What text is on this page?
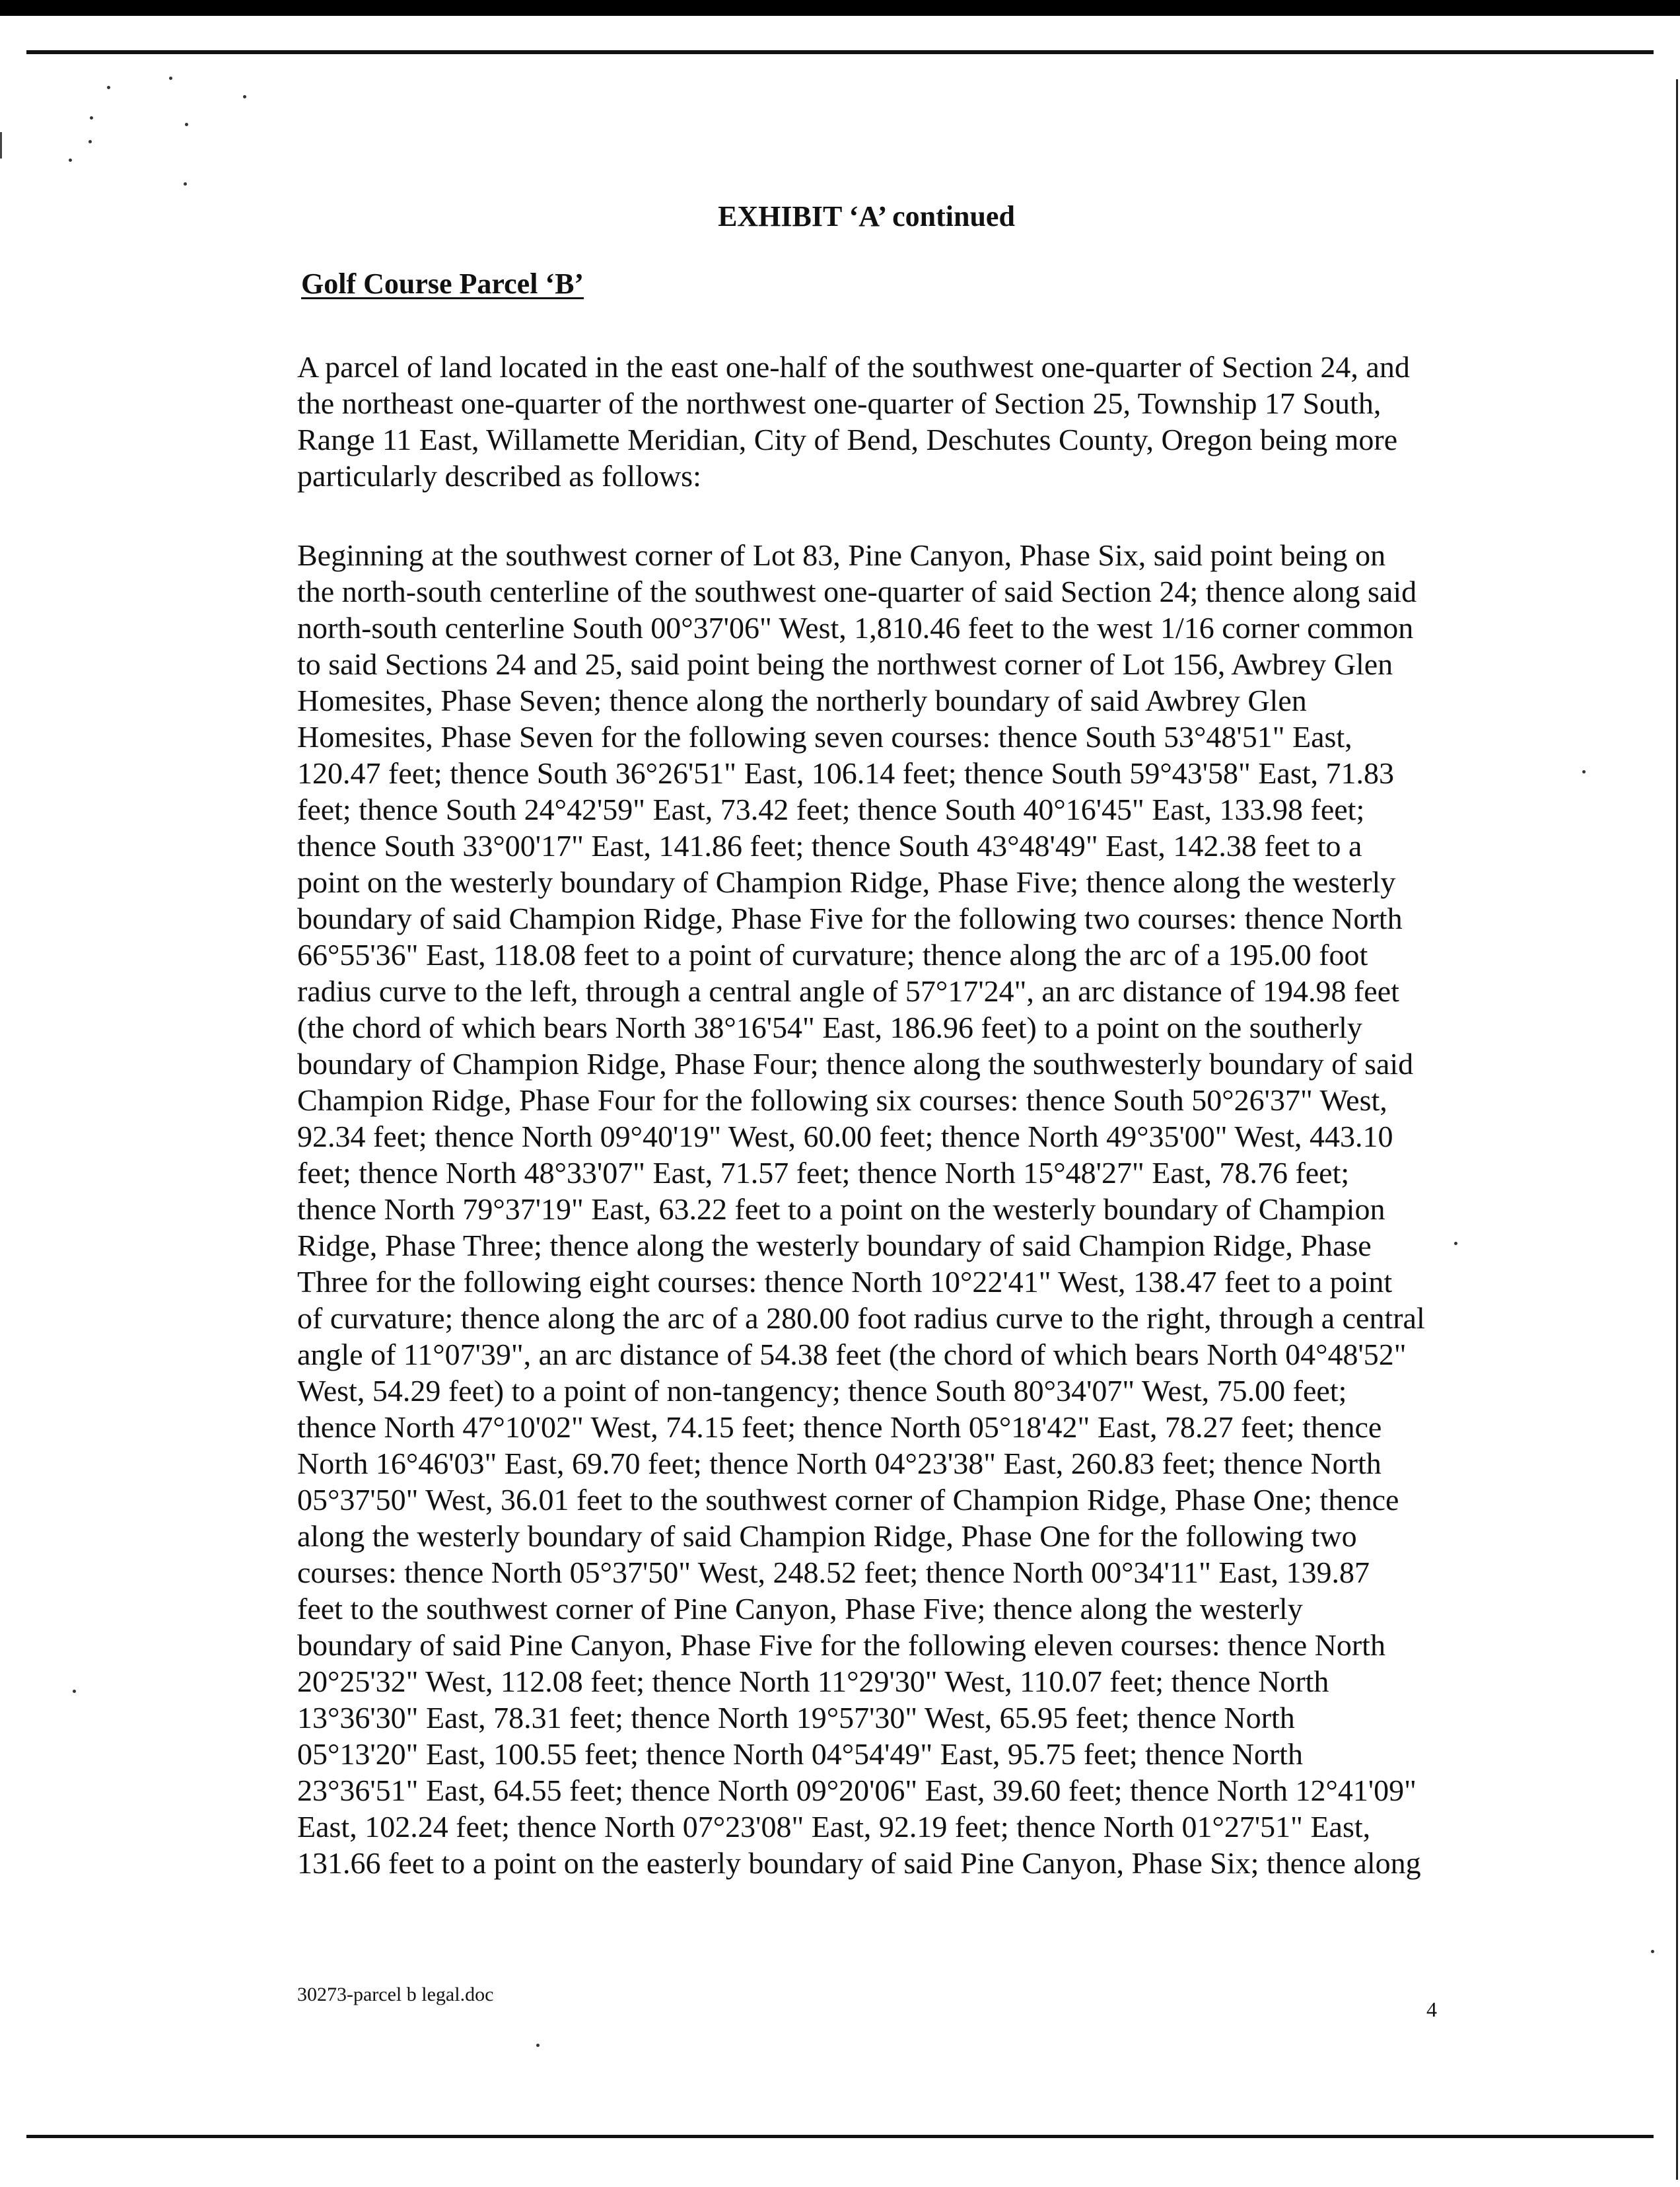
EXHIBIT ‘A’ continued
Golf Course Parcel ‘B’

A parcel of land located in the east one-half of the southwest one-quarter of Section 24, and
the northeast one-quarter of the northwest one-quarter of Section 25, Township 17 South,
Range 11 East, Willamette Meridian, City of Bend, Deschutes County, Oregon being more
particularly described as follows:

Beginning at the southwest corner of Lot 83, Pine Canyon, Phase Six, said point being on
the north-south centerline of the southwest one-quarter of said Section 24; thence along said
north-south centerline South 00°37'06" West, 1,810.46 feet to the west 1/16 corner common
to said Sections 24 and 25, said point being the northwest corner of Lot 156, Awbrey Glen
Homesites, Phase Seven; thence along the northerly boundary of said Awbrey Glen
Homesites, Phase Seven for the following seven courses: thence South 53°48'51" East,
120.47 feet; thence South 36°26'51" East, 106.14 feet; thence South 59°43'58" East, 71.83
feet; thence South 24°42'59" East, 73.42 feet; thence South 40°16'45" East, 133.98 feet;
thence South 33°00'17" East, 141.86 feet; thence South 43°48'49" East, 142.38 feet to a
point on the westerly boundary of Champion Ridge, Phase Five; thence along the westerly
boundary of said Champion Ridge, Phase Five for the following two courses: thence North
66°55'36" East, 118.08 feet to a point of curvature; thence along the arc of a 195.00 foot
radius curve to the left, through a central angle of 57°17'24", an arc distance of 194.98 feet
(the chord of which bears North 38°16'54" East, 186.96 feet) to a point on the southerly
boundary of Champion Ridge, Phase Four; thence along the southwesterly boundary of said
Champion Ridge, Phase Four for the following six courses: thence South 50°26'37" West,
92.34 feet; thence North 09°40'19" West, 60.00 feet; thence North 49°35'00" West, 443.10
feet; thence North 48°33'07" East, 71.57 feet; thence North 15°48'27" East, 78.76 feet;
thence North 79°37'19" East, 63.22 feet to a point on the westerly boundary of Champion
Ridge, Phase Three; thence along the westerly boundary of said Champion Ridge, Phase
Three for the following eight courses: thence North 10°22'41" West, 138.47 feet to a point
of curvature; thence along the arc of a 280.00 foot radius curve to the right, through a central
angle of 11°07'39", an arc distance of 54.38 feet (the chord of which bears North 04°48'52"
West, 54.29 feet) to a point of non-tangency; thence South 80°34'07" West, 75.00 feet;
thence North 47°10'02" West, 74.15 feet; thence North 05°18'42" East, 78.27 feet; thence
North 16°46'03" East, 69.70 feet; thence North 04°23'38" East, 260.83 feet; thence North
05°37'50" West, 36.01 feet to the southwest corner of Champion Ridge, Phase One; thence
along the westerly boundary of said Champion Ridge, Phase One for the following two
courses: thence North 05°37'50" West, 248.52 feet; thence North 00°34'11" East, 139.87
feet to the southwest corner of Pine Canyon, Phase Five; thence along the westerly
boundary of said Pine Canyon, Phase Five for the following eleven courses: thence North
20°25'32" West, 112.08 feet; thence North 11°29'30" West, 110.07 feet; thence North
13°36'30" East, 78.31 feet; thence North 19°57'30" West, 65.95 feet; thence North
05°13'20" East, 100.55 feet; thence North 04°54'49" East, 95.75 feet; thence North
23°36'51" East, 64.55 feet; thence North 09°20'06" East, 39.60 feet; thence North 12°41'09"
East, 102.24 feet; thence North 07°23'08" East, 92.19 feet; thence North 01°27'51" East,
131.66 feet to a point on the easterly boundary of said Pine Canyon, Phase Six; thence along

30273-parcel b legal.doc
4
